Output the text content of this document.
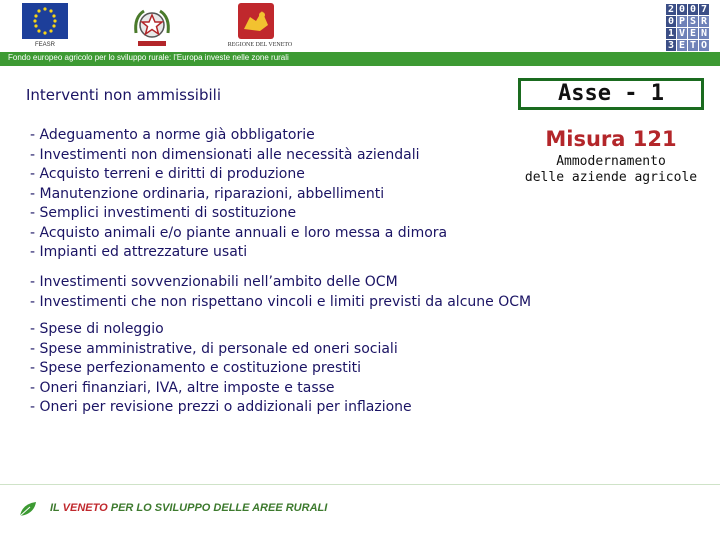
FEASR	REGIONE DEL VENETO
2 0 0 7
0 P S R
1 V E N
3 E T O
Fondo europeo agricolo per lo sviluppo rurale: l'Europa investe nelle zone rurali
Interventi non ammissibili	Asse - 1
Misura 121
Ammodernamento
delle aziende agricole
- Adeguamento a norme già obbligatorie
- Investimenti non dimensionati alle necessità aziendali
- Acquisto terreni e diritti di produzione
- Manutenzione ordinaria, riparazioni, abbellimenti
- Semplici investimenti di sostituzione
- Acquisto animali e/o piante annuali e loro messa a dimora
- Impianti ed attrezzature usati
- Investimenti sovvenzionabili nell’ambito delle OCM
- Investimenti che non rispettano vincoli e limiti previsti da alcune OCM
- Spese di noleggio
- Spese amministrative, di personale ed oneri sociali
- Spese perfezionamento e costituzione prestiti
- Oneri finanziari, IVA, altre imposte e tasse
- Oneri per revisione prezzi o addizionali per inflazione
IL VENETO PER LO SVILUPPO DELLE AREE RURALI
